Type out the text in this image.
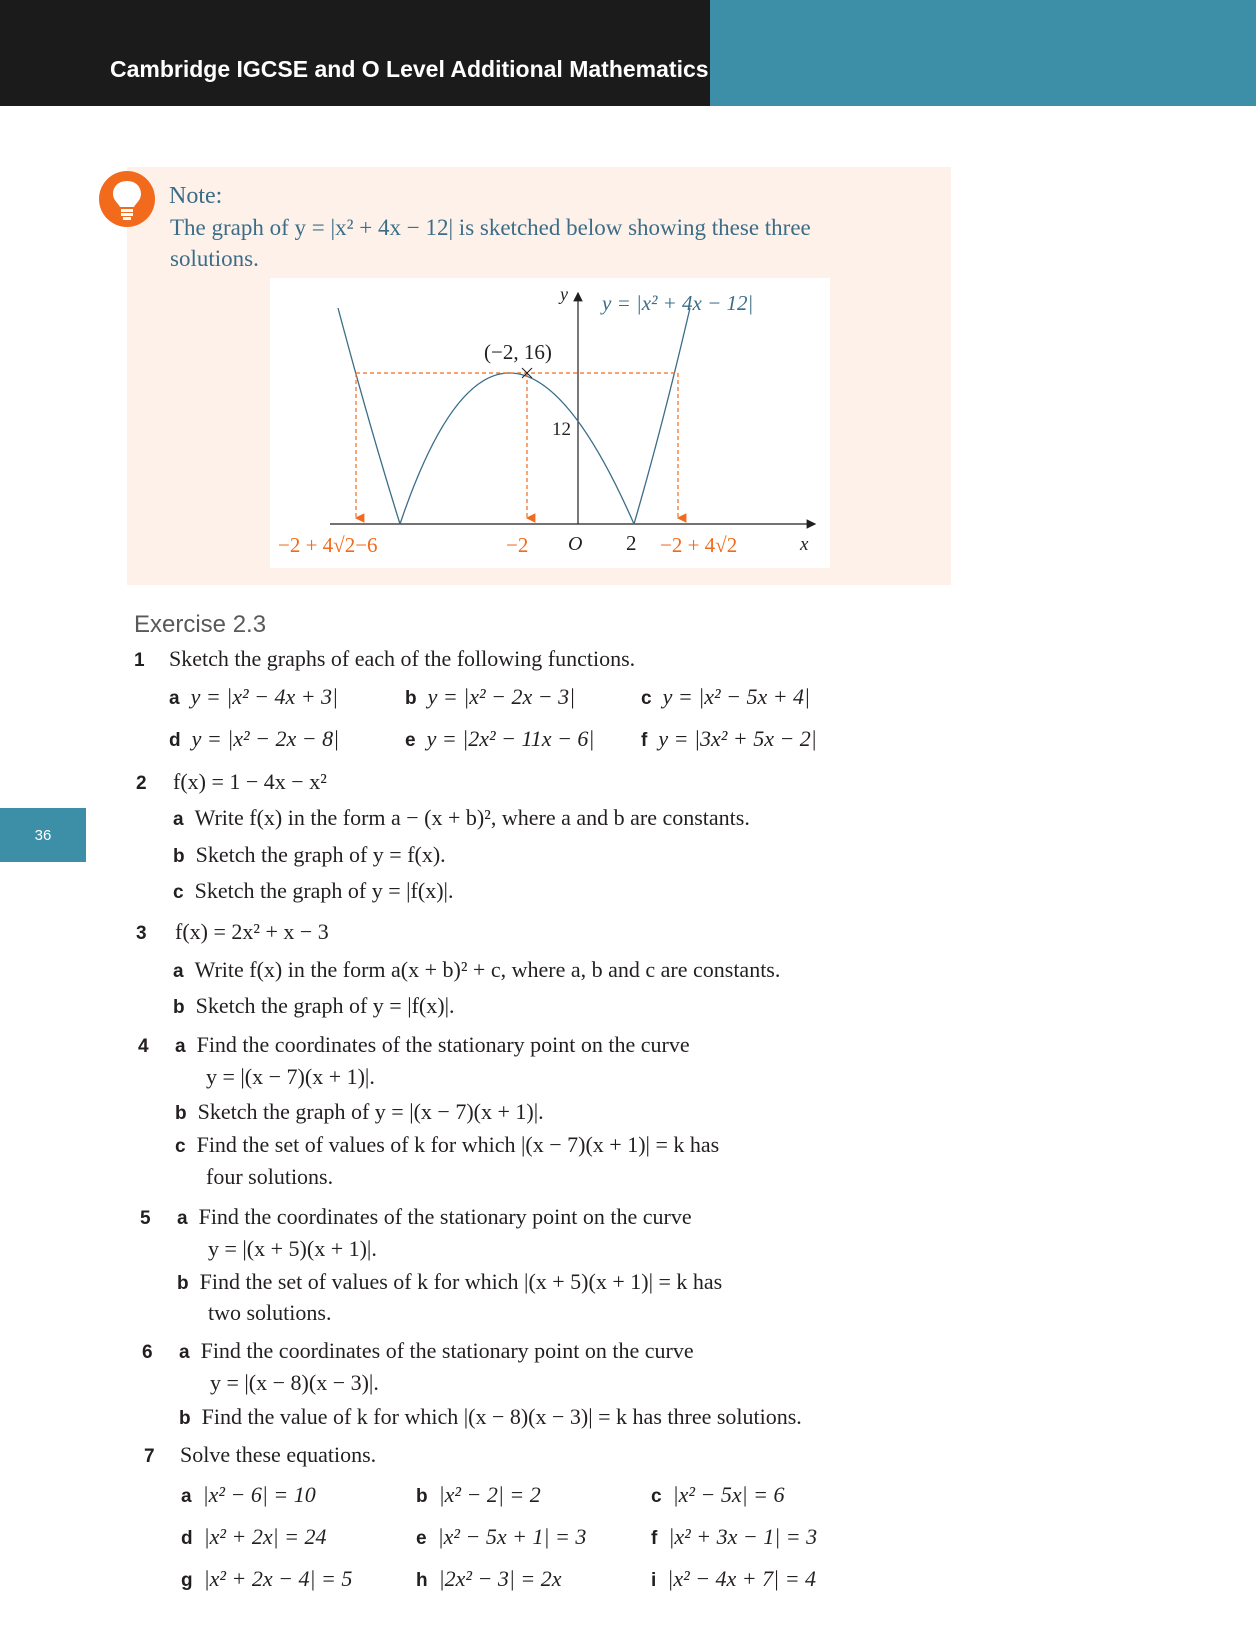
Cambridge IGCSE and O Level Additional Mathematics
36
Note:
The graph of y = |x² + 4x − 12| is sketched below showing these three solutions.
y = |x² + 4x − 12|
y
x
O
(−2, 16)
12
−2 + 4√2−6	−2	2 −2 + 4√2
Exercise 2.3
1 Sketch the graphs of each of the following functions.
a y = |x² − 4x + 3|	b y = |x² − 2x − 3|	c y = |x² − 5x + 4|
d y = |x² − 2x − 8|	e y = |2x² − 11x − 6| f y = |3x² + 5x − 2|
2 f(x) = 1 − 4x − x²
a Write f(x) in the form a − (x + b)², where a and b are constants.
b Sketch the graph of y = f(x).
c Sketch the graph of y = |f(x)|.
3 f(x) = 2x² + x − 3
a Write f(x) in the form a(x + b)² + c, where a, b and c are constants.
b Sketch the graph of y = |f(x)|.
4 a Find the coordinates of the stationary point on the curve
y = |(x − 7)(x + 1)|.
b Sketch the graph of y = |(x − 7)(x + 1)|.
c Find the set of values of k for which |(x − 7)(x + 1)| = k has
four solutions.
5 a Find the coordinates of the stationary point on the curve
y = |(x + 5)(x + 1)|.
b Find the set of values of k for which |(x + 5)(x + 1)| = k has
two solutions.
6 a Find the coordinates of the stationary point on the curve
y = |(x − 8)(x − 3)|.
b Find the value of k for which |(x − 8)(x − 3)| = k has three solutions.
7 Solve these equations.
a |x² − 6| = 10	b |x² − 2| = 2	c |x² − 5x| = 6
d |x² + 2x| = 24	e |x² − 5x + 1| = 3	f |x² + 3x − 1| = 3
g |x² + 2x − 4| = 5	h |2x² − 3| = 2x	i |x² − 4x + 7| = 4
